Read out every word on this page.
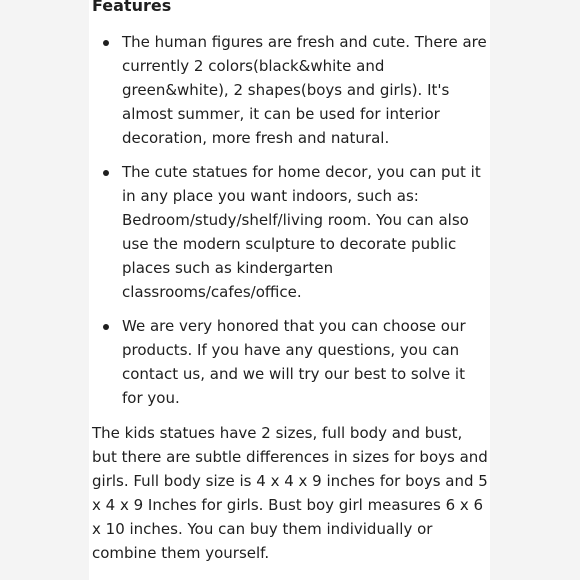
Features
The human figures are fresh and cute. There are currently 2 colors(black&white and green&white), 2 shapes(boys and girls). It's almost summer, it can be used for interior decoration, more fresh and natural.
The cute statues for home decor, you can put it in any place you want indoors, such as: Bedroom/study/shelf/living room. You can also use the modern sculpture to decorate public places such as kindergarten classrooms/cafes/office.
We are very honored that you can choose our products. If you have any questions, you can contact us, and we will try our best to solve it for you.

The kids statues have 2 sizes, full body and bust, but there are subtle differences in sizes for boys and girls. Full body size is 4 x 4 x 9 inches for boys and 5 x 4 x 9 Inches for girls. Bust boy girl measures 6 x 6 x 10 inches. You can buy them individually or combine them yourself.
